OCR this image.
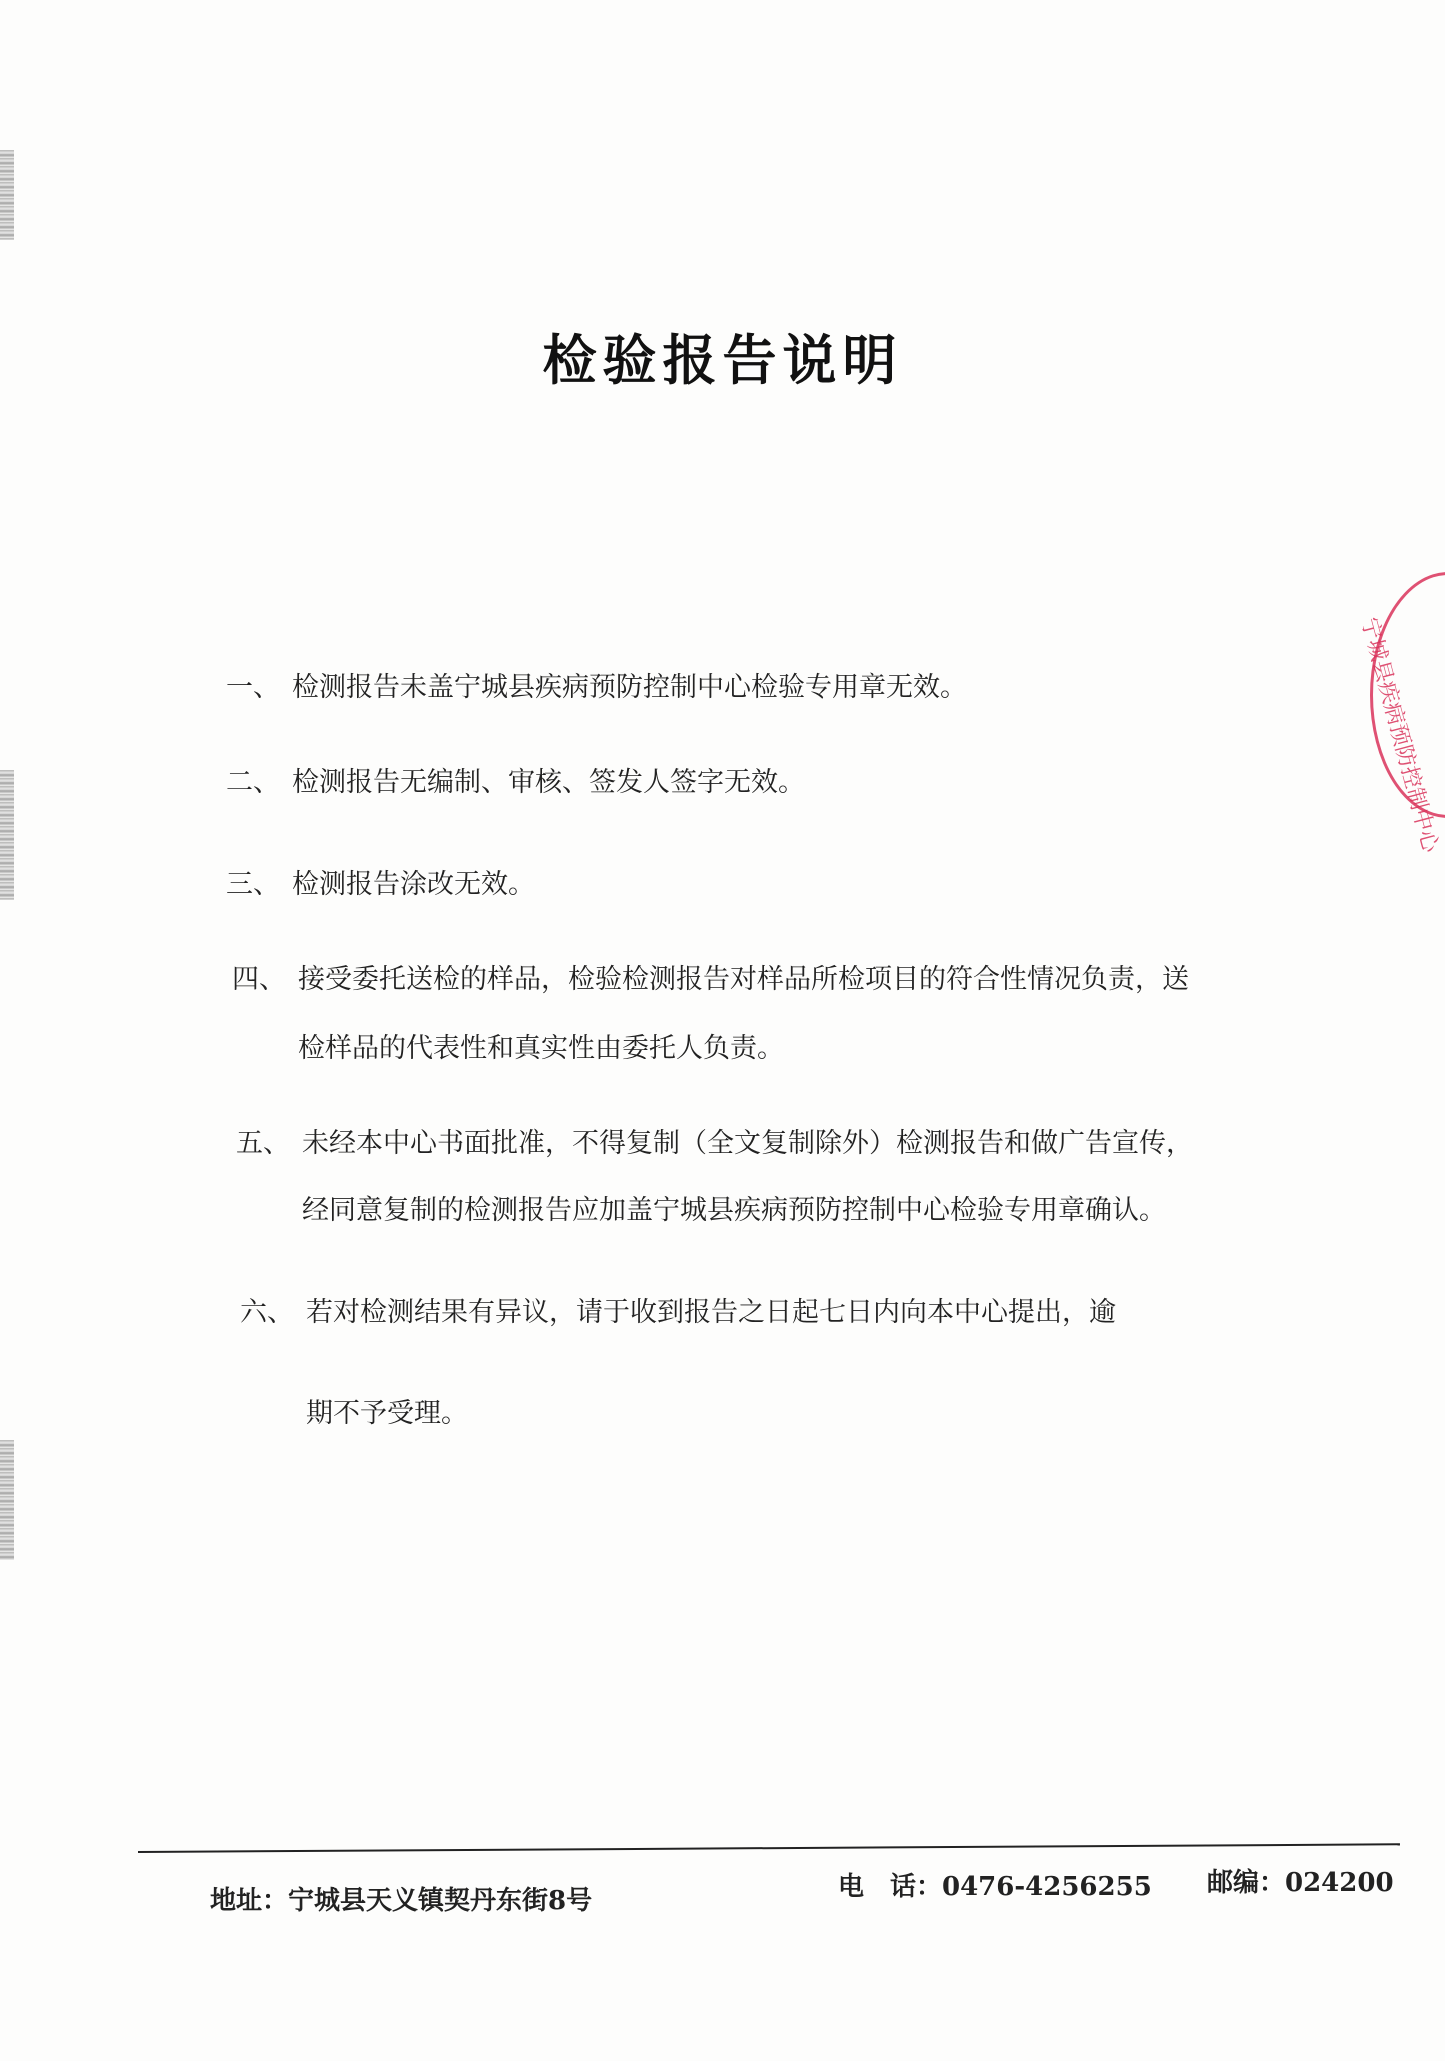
检验报告说明
一、 检测报告未盖宁城县疾病预防控制中心检验专用章无效。
二、 检测报告无编制、审核、签发人签字无效。
三、 检测报告涂改无效。
四、 接受委托送检的样品，检验检测报告对样品所检项目的符合性情况负责，送
检样品的代表性和真实性由委托人负责。
五、 未经本中心书面批准，不得复制（全文复制除外）检测报告和做广告宣传，
经同意复制的检测报告应加盖宁城县疾病预防控制中心检验专用章确认。
六、 若对检测结果有异议，请于收到报告之日起七日内向本中心提出，逾
期不予受理。
地址：宁城县天义镇契丹东街8号	电　话：0476-4256255 邮编：024200
宁城县疾病预防控制中心
